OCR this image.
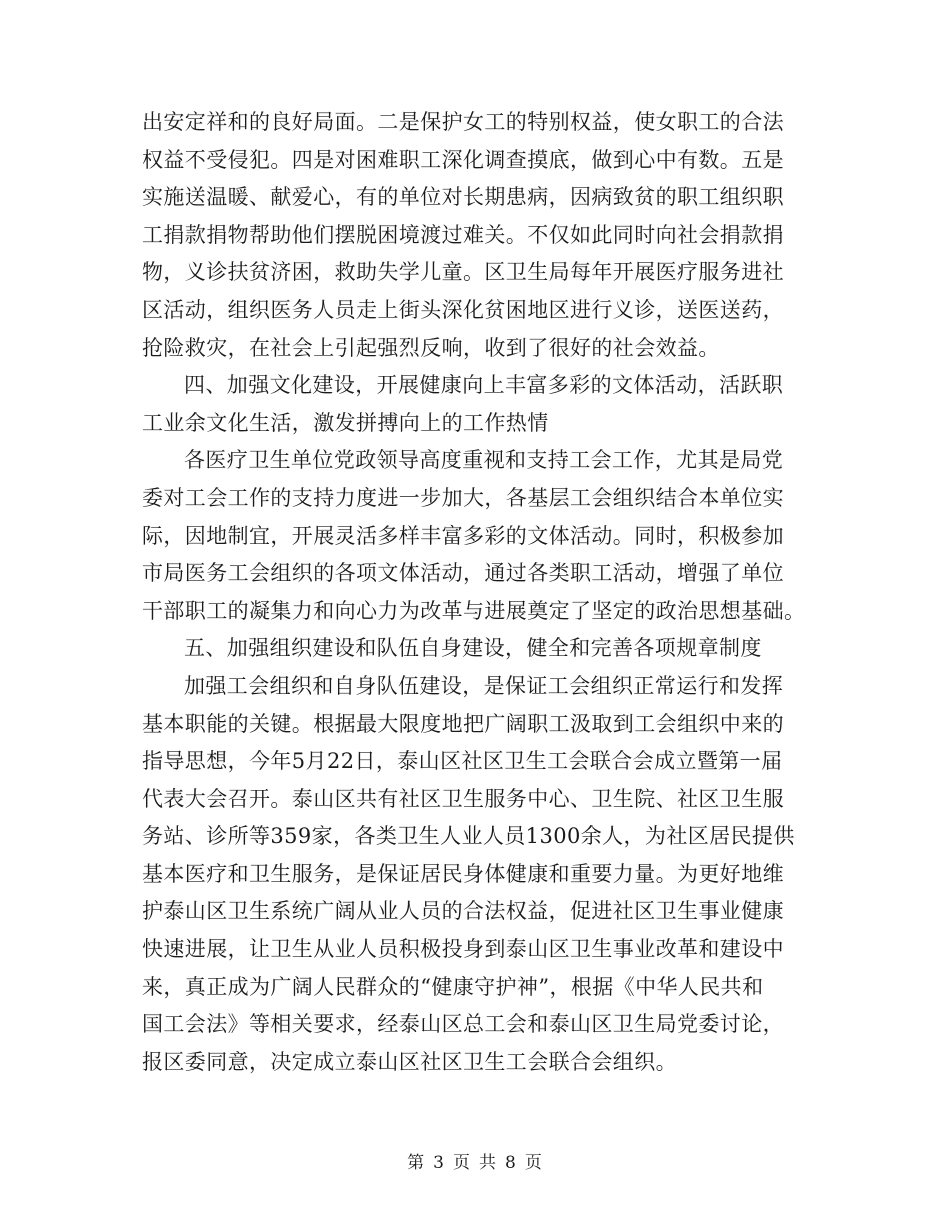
出安定祥和的良好局面。二是保护女工的特别权益，使女职工的合法
权益不受侵犯。四是对困难职工深化调查摸底，做到心中有数。五是
实施送温暖、献爱心，有的单位对长期患病，因病致贫的职工组织职
工捐款捐物帮助他们摆脱困境渡过难关。不仅如此同时向社会捐款捐
物，义诊扶贫济困，救助失学儿童。区卫生局每年开展医疗服务进社
区活动，组织医务人员走上街头深化贫困地区进行义诊，送医送药，
抢险救灾，在社会上引起强烈反响，收到了很好的社会效益。
四、加强文化建设，开展健康向上丰富多彩的文体活动，活跃职
工业余文化生活，激发拼搏向上的工作热情
各医疗卫生单位党政领导高度重视和支持工会工作，尤其是局党
委对工会工作的支持力度进一步加大，各基层工会组织结合本单位实
际，因地制宜，开展灵活多样丰富多彩的文体活动。同时，积极参加
市局医务工会组织的各项文体活动，通过各类职工活动，增强了单位
干部职工的凝集力和向心力为改革与进展奠定了坚定的政治思想基础。
五、加强组织建设和队伍自身建设，健全和完善各项规章制度
加强工会组织和自身队伍建设，是保证工会组织正常运行和发挥
基本职能的关键。根据最大限度地把广阔职工汲取到工会组织中来的
指导思想，今年5月22日，泰山区社区卫生工会联合会成立暨第一届
代表大会召开。泰山区共有社区卫生服务中心、卫生院、社区卫生服
务站、诊所等359家，各类卫生人业人员1300余人，为社区居民提供
基本医疗和卫生服务，是保证居民身体健康和重要力量。为更好地维
护泰山区卫生系统广阔从业人员的合法权益，促进社区卫生事业健康
快速进展，让卫生从业人员积极投身到泰山区卫生事业改革和建设中
来，真正成为广阔人民群众的“健康守护神”，根据《中华人民共和
国工会法》等相关要求，经泰山区总工会和泰山区卫生局党委讨论，
报区委同意，决定成立泰山区社区卫生工会联合会组织。
第 3 页 共 8 页
